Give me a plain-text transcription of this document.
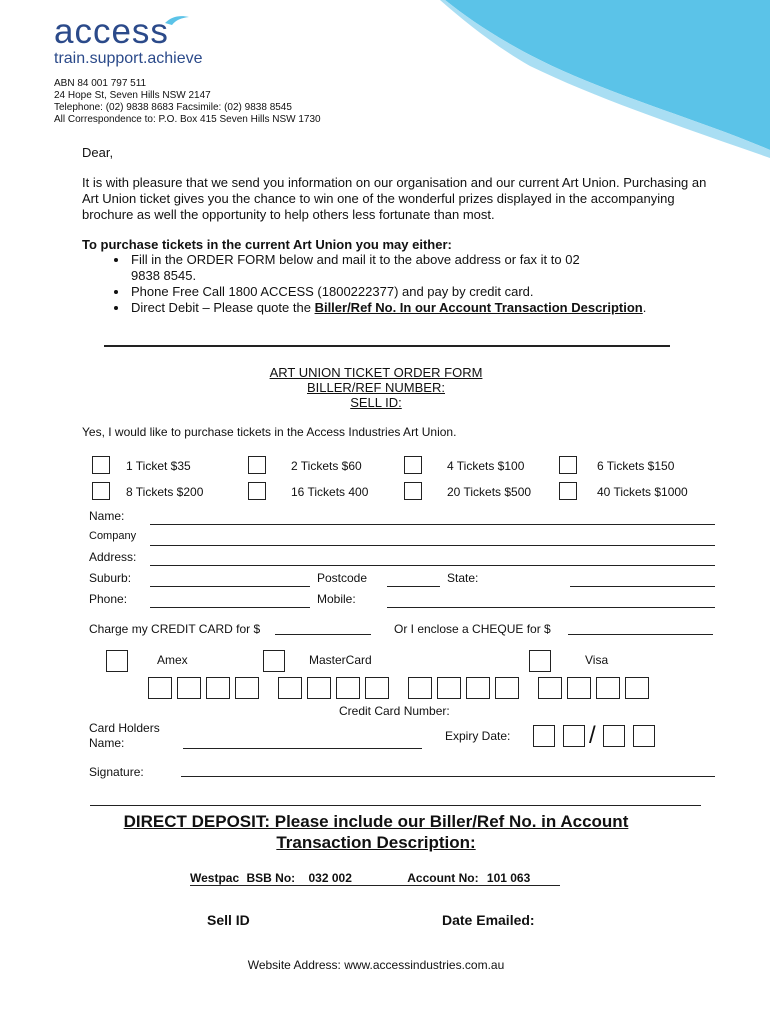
access
train.support.achieve
ABN 84 001 797 511
24 Hope St, Seven Hills NSW 2147
Telephone: (02) 9838 8683 Facsimile: (02) 9838 8545
All Correspondence to: P.O. Box 415 Seven Hills NSW 1730
Dear,
It is with pleasure that we send you information on our organisation and our current Art Union. Purchasing an Art Union ticket gives you the chance to win one of the wonderful prizes displayed in the accompanying brochure as well the opportunity to help others less fortunate than most.
To purchase tickets in the current Art Union you may either:
• Fill in the ORDER FORM below and mail it to the above address or fax it to 02 9838 8545.
• Phone Free Call 1800 ACCESS (1800222377) and pay by credit card.
• Direct Debit – Please quote the Biller/Ref No. In our Account Transaction Description.
ART UNION TICKET ORDER FORM
BILLER/REF NUMBER:
SELL ID:
Yes, I would like to purchase tickets in the Access Industries Art Union.
1 Ticket $35	2 Tickets $60	4 Tickets $100	6 Tickets $150
8 Tickets $200	16 Tickets 400	20 Tickets $500	40 Tickets $1000
Name:
Company
Address:
Suburb:	Postcode	State:
Phone:	Mobile:
Charge my CREDIT CARD for $	Or I enclose a CHEQUE for $
Amex	MasterCard	Visa
Credit Card Number:
Card Holders
Name:	Expiry Date:	/
Signature:
DIRECT DEPOSIT: Please include our Biller/Ref No. in Account
Transaction Description:
Westpac BSB No: 032 002	Account No: 101 063
Sell ID	Date Emailed:
Website Address: www.accessindustries.com.au
